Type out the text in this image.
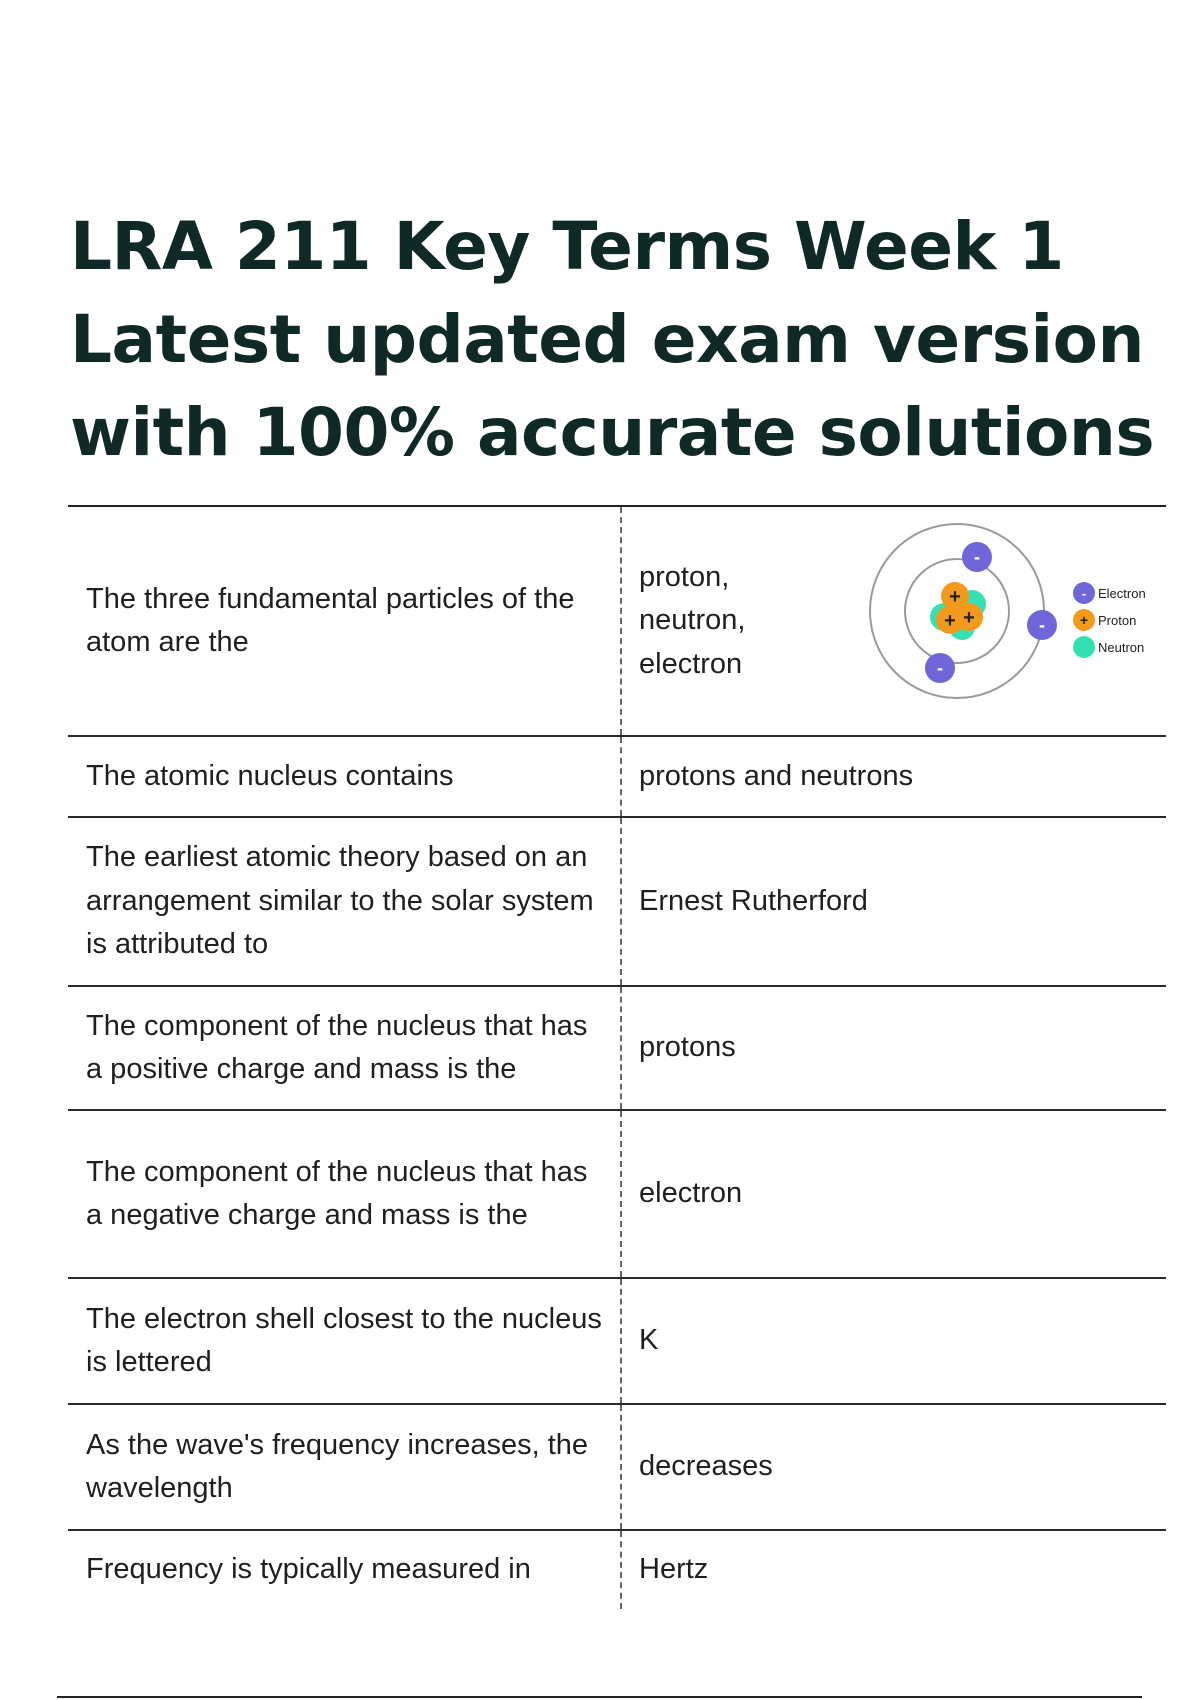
LRA 211 Key Terms Week 1
Latest updated exam version
with 100% accurate solutions
The three fundamental particles of the atom are the
proton,
neutron,
electron
+
+ +
-
-
-
- Electron
+ Proton
Neutron
The atomic nucleus contains	protons and neutrons
The earliest atomic theory based on an arrangement similar to the solar system is attributed to
Ernest Rutherford
The component of the nucleus that has a positive charge and mass is the
protons
The component of the nucleus that has a negative charge and mass is the
electron
The electron shell closest to the nucleus is lettered
K
As the wave's frequency increases, the wavelength
decreases
Frequency is typically measured in	Hertz
